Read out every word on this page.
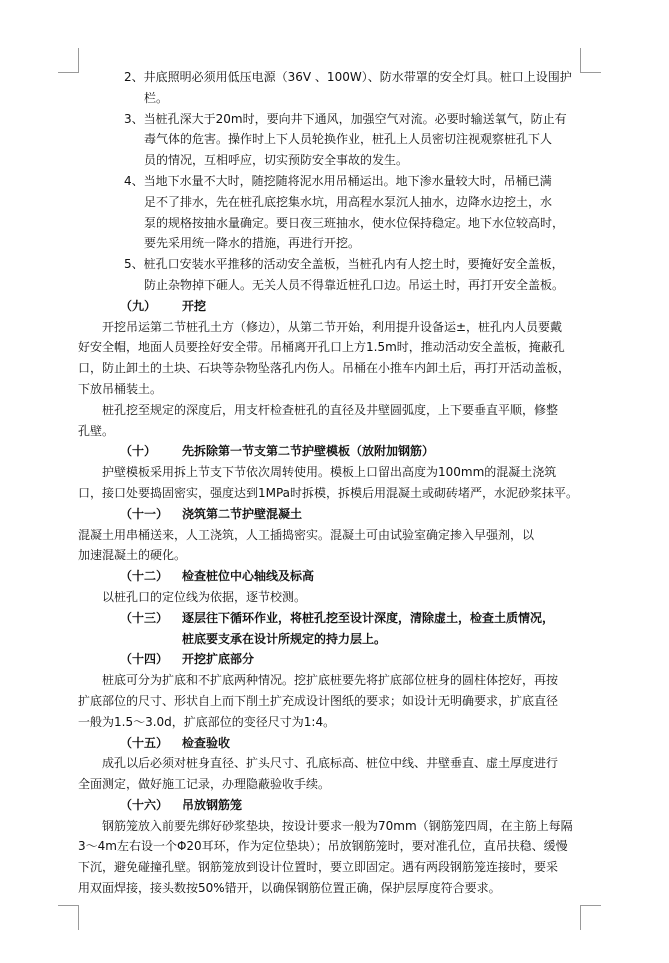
2、井底照明必须用低压电源（36V 、100W）、防水带罩的安全灯具。桩口上设围护
栏。
3、当桩孔深大于20m时，要向井下通风，加强空气对流。必要时输送氧气，防止有
毒气体的危害。操作时上下人员轮换作业，桩孔上人员密切注视观察桩孔下人
员的情况，互相呼应，切实预防安全事故的发生。
4、当地下水量不大时，随挖随将泥水用吊桶运出。地下渗水量较大时，吊桶已满
足不了排水，先在桩孔底挖集水坑，用高程水泵沉人抽水，边降水边挖土，水
泵的规格按抽水量确定。要日夜三班抽水，使水位保持稳定。地下水位较高时，
要先采用统一降水的措施，再进行开挖。
5、桩孔口安装水平推移的活动安全盖板，当桩孔内有人挖土时，要掩好安全盖板，
防止杂物掉下砸人。无关人员不得靠近桩孔口边。吊运土时，再打开安全盖板。
（九） 开挖
开挖吊运第二节桩孔土方（修边），从第二节开始，利用提升设备运±，桩孔内人员要戴
好安全帽，地面人员要拴好安全带。吊桶离开孔口上方1.5m时，推动活动安全盖板，掩蔽孔
口，防止卸土的土块、石块等杂物坠落孔内伤人。吊桶在小推车内卸土后，再打开活动盖板，
下放吊桶装土。
桩孔挖至规定的深度后，用支杆检查桩孔的直径及井壁圆弧度，上下要垂直平顺，修整
孔壁。
（十） 先拆除第一节支第二节护壁模板（放附加钢筋）
护壁模板采用拆上节支下节依次周转使用。模板上口留出高度为100mm的混凝土浇筑
口，接口处要捣固密实，强度达到1MPa时拆模，拆模后用混凝土或砌砖堵严，水泥砂浆抹平。
（十一） 浇筑第二节护壁混凝土
混凝土用串桶送来，人工浇筑，人工插捣密实。混凝土可由试验室确定掺入早强剂，以
加速混凝土的硬化。
（十二） 检查桩位中心轴线及标高
以桩孔口的定位线为依据，逐节校测。
（十三） 逐层往下循环作业，将桩孔挖至设计深度，清除虚土，检查土质情况，
桩底要支承在设计所规定的持力层上。
（十四） 开挖扩底部分
桩底可分为扩底和不扩底两种情况。挖扩底桩要先将扩底部位桩身的圆柱体挖好，再按
扩底部位的尺寸、形状自上而下削土扩充成设计图纸的要求；如设计无明确要求，扩底直径
一般为1.5～3.0d，扩底部位的变径尺寸为1:4。
（十五） 检查验收
成孔以后必须对桩身直径、扩头尺寸、孔底标高、桩位中线、井壁垂直、虚土厚度进行
全面测定，做好施工记录，办理隐蔽验收手续。
（十六） 吊放钢筋笼
钢筋笼放入前要先绑好砂浆垫块，按设计要求一般为70mm（钢筋笼四周，在主筋上每隔
3～4m左右设一个Φ20耳环，作为定位垫块）；吊放钢筋笼时，要对准孔位，直吊扶稳、缓慢
下沉，避免碰撞孔壁。钢筋笼放到设计位置时，要立即固定。遇有两段钢筋笼连接时，要采
用双面焊接，接头数按50%错开，以确保钢筋位置正确，保护层厚度符合要求。
